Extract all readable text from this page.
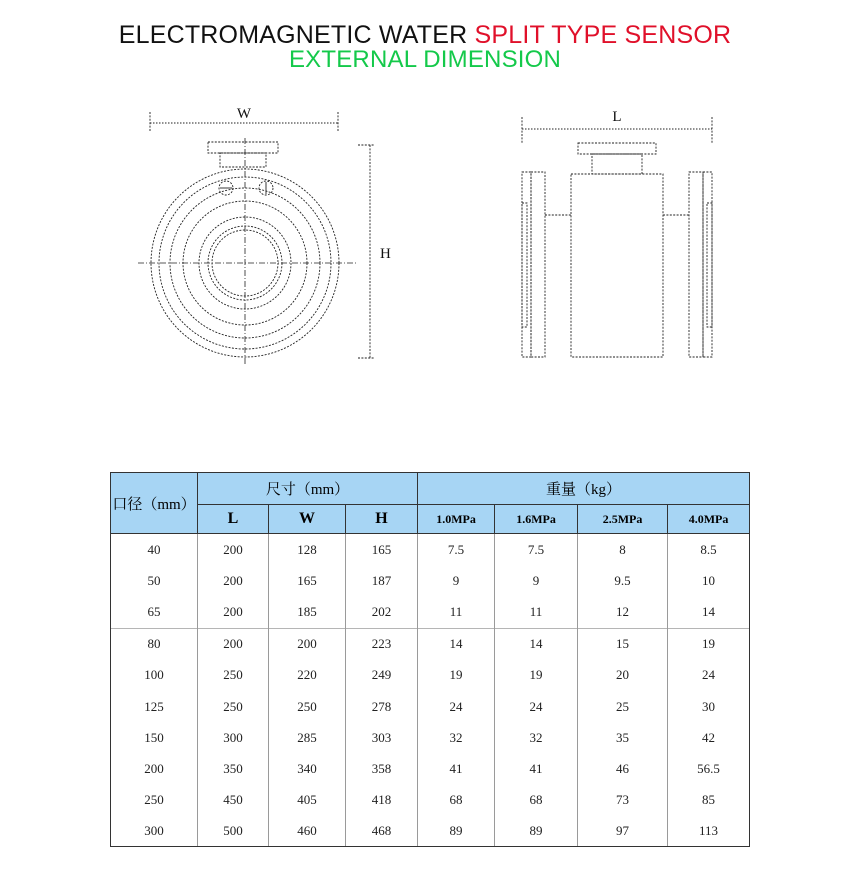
ELECTROMAGNETIC WATER SPLIT TYPE SENSOR
EXTERNAL DIMENSION
W
H
L
口径（mm）	尺寸（mm）			重量（kg）			
	L	W	H	1.0MPa	1.6MPa	2.5MPa	4.0MPa
40	200	128	165	7.5	7.5	8	8.5
50	200	165	187	9	9	9.5	10
65	200	185	202	11	11	12	14
80	200	200	223	14	14	15	19
100	250	220	249	19	19	20	24
125	250	250	278	24	24	25	30
150	300	285	303	32	32	35	42
200	350	340	358	41	41	46	56.5
250	450	405	418	68	68	73	85
300	500	460	468	89	89	97	113
